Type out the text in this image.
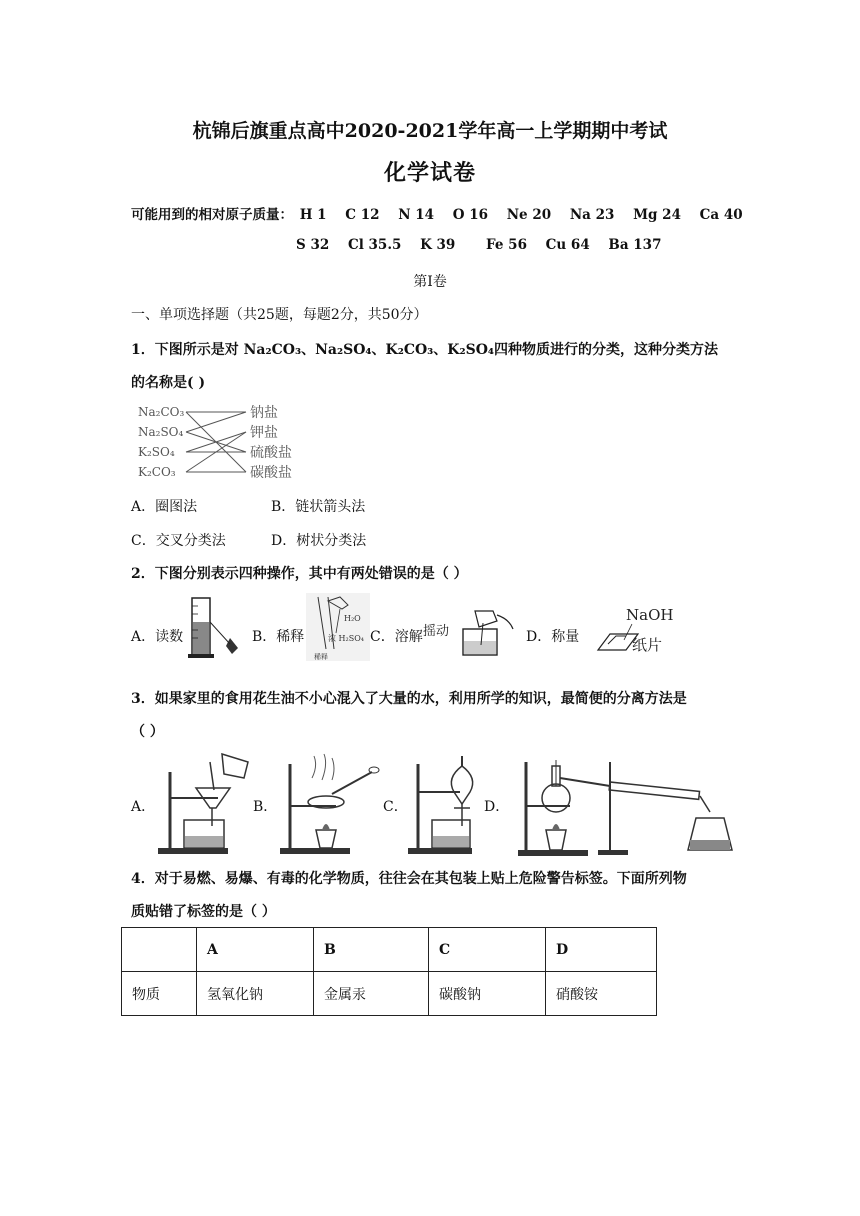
杭锦后旗重点高中2020-2021学年高一上学期期中考试
化学试卷
可能用到的相对原子质量： H 1 C 12 N 14 O 16 Ne 20 Na 23 Mg 24 Ca 40
S 32 Cl 35.5 K 39 Fe 56 Cu 64 Ba 137
第Ⅰ卷
一、单项选择题（共25题，每题2分，共50分）
1．下图所示是对 Na₂CO₃、Na₂SO₄、K₂CO₃、K₂SO₄四种物质进行的分类，这种分类方法
的名称是( )
Na₂CO₃
Na₂SO₄
K₂SO₄
K₂CO₃
钠盐
钾盐
硫酸盐
碳酸盐
A．圈图法	B．链状箭头法
C．交叉分类法	D．树状分类法
2．下图分别表示四种操作，其中有两处错误的是（ ）
A．读数	B．稀释
H₂O
浓 H₂SO₄
稀释
C．溶解 摇动	D．称量
NaOH
纸片
3．如果家里的食用花生油不小心混入了大量的水，利用所学的知识，最简便的分离方法是
（ ）
A．	B．	C．	D．
4．对于易燃、易爆、有毒的化学物质，往往会在其包装上贴上危险警告标签。下面所列物
质贴错了标签的是（ ）
	A	B	C	D
物质	氢氧化钠	金属汞	碳酸钠	硝酸铵
